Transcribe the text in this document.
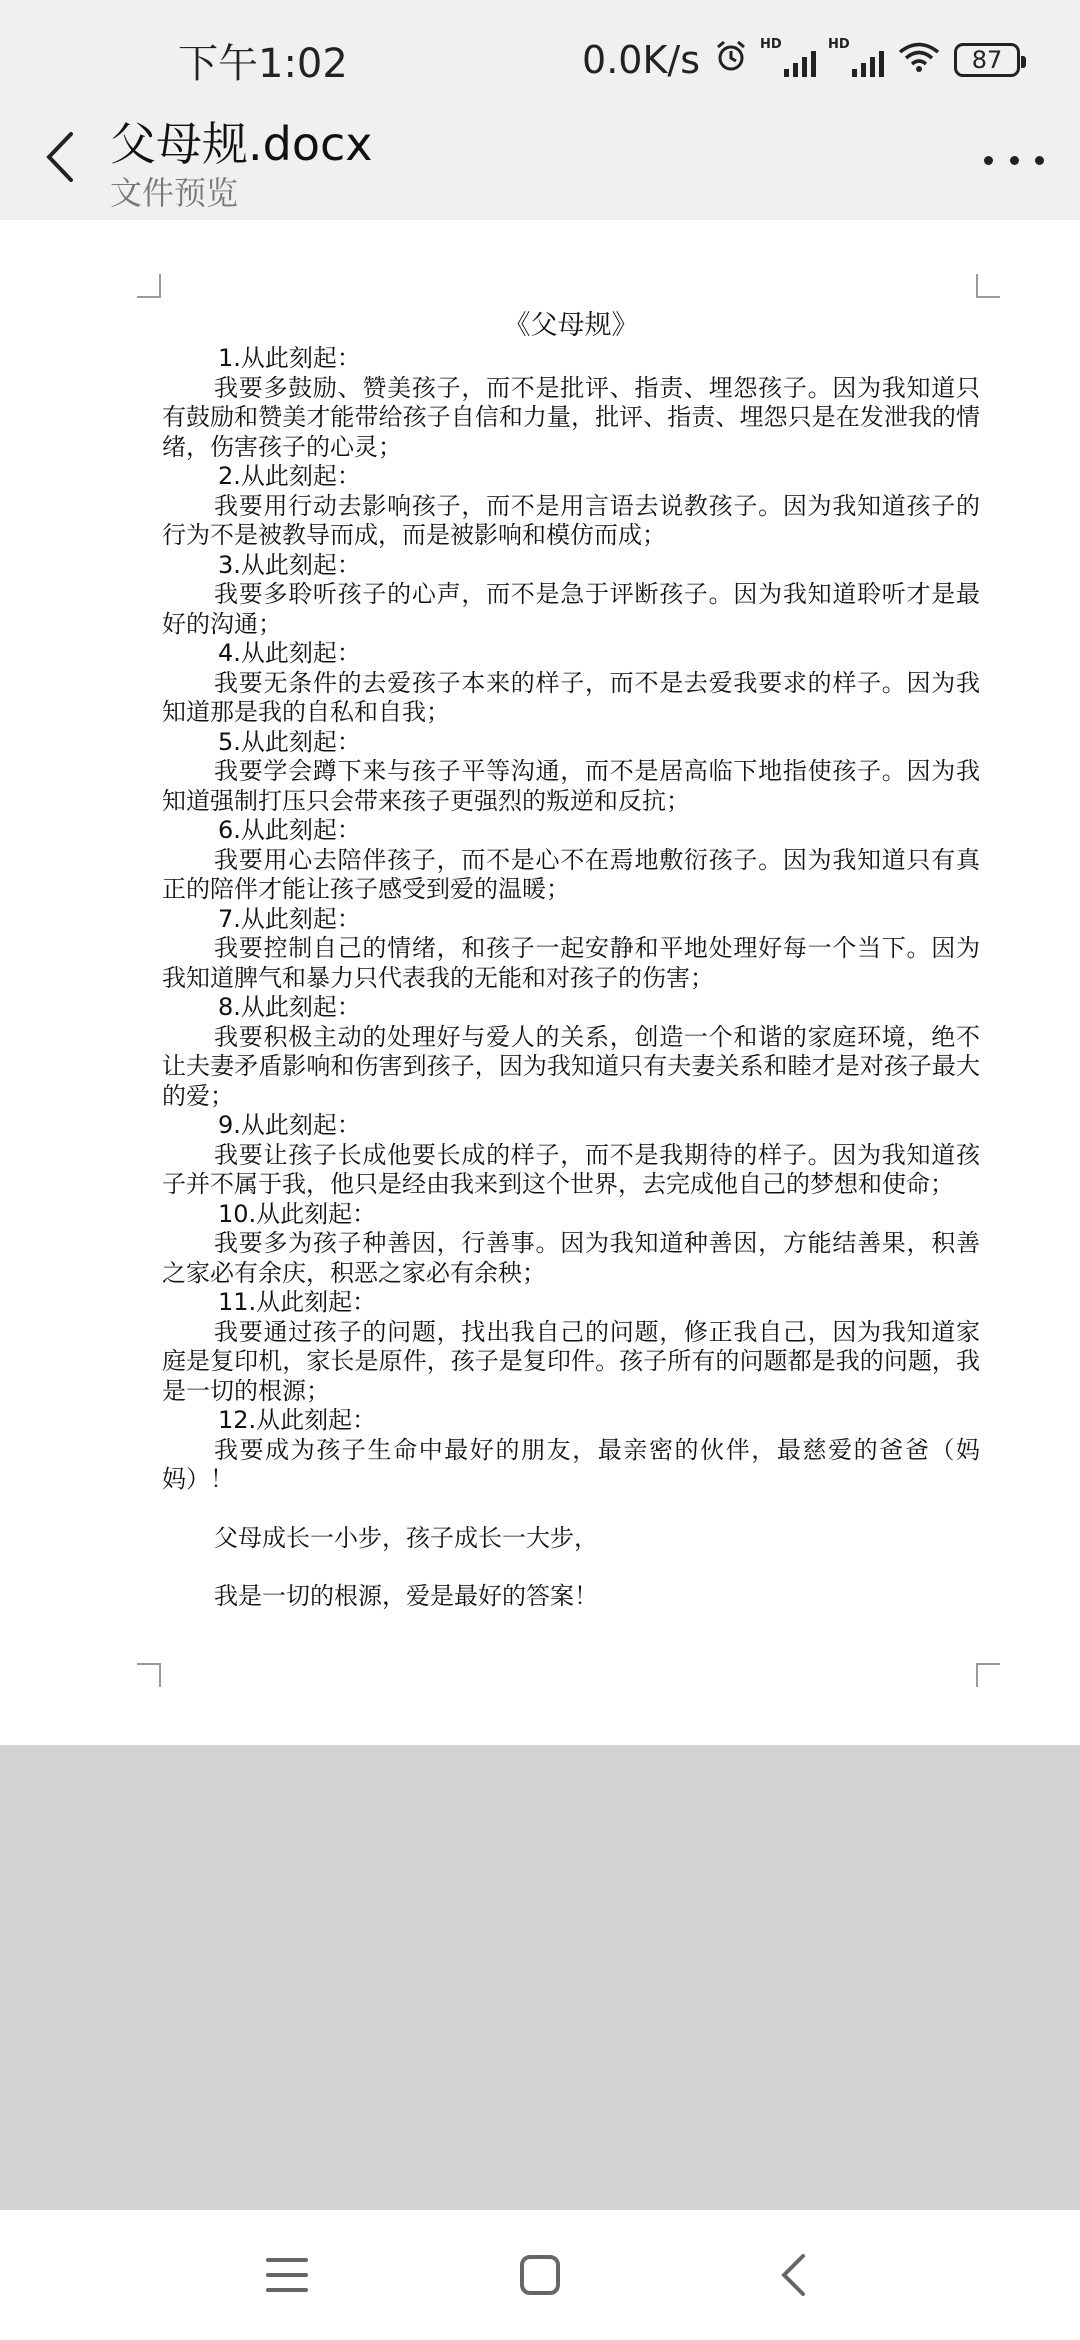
下午1:02	0.0K/s	HD	HD
87
父母规.docx
文件预览
《父母规》
1.从此刻起：
我要多鼓励、赞美孩子，而不是批评、指责、埋怨孩子。因为我知道只有鼓励和赞美才能带给孩子自信和力量，批评、指责、埋怨只是在发泄我的情绪，伤害孩子的心灵；
2.从此刻起：
我要用行动去影响孩子，而不是用言语去说教孩子。因为我知道孩子的行为不是被教导而成，而是被影响和模仿而成；
3.从此刻起：
我要多聆听孩子的心声，而不是急于评断孩子。因为我知道聆听才是最好的沟通；
4.从此刻起：
我要无条件的去爱孩子本来的样子，而不是去爱我要求的样子。因为我知道那是我的自私和自我；
5.从此刻起：
我要学会蹲下来与孩子平等沟通，而不是居高临下地指使孩子。因为我知道强制打压只会带来孩子更强烈的叛逆和反抗；
6.从此刻起：
我要用心去陪伴孩子，而不是心不在焉地敷衍孩子。因为我知道只有真正的陪伴才能让孩子感受到爱的温暖；
7.从此刻起：
我要控制自己的情绪，和孩子一起安静和平地处理好每一个当下。因为我知道脾气和暴力只代表我的无能和对孩子的伤害；
8.从此刻起：
我要积极主动的处理好与爱人的关系，创造一个和谐的家庭环境，绝不让夫妻矛盾影响和伤害到孩子，因为我知道只有夫妻关系和睦才是对孩子最大的爱；
9.从此刻起：
我要让孩子长成他要长成的样子，而不是我期待的样子。因为我知道孩子并不属于我，他只是经由我来到这个世界，去完成他自己的梦想和使命；
10.从此刻起：
我要多为孩子种善因，行善事。因为我知道种善因，方能结善果，积善之家必有余庆，积恶之家必有余秧；
11.从此刻起：
我要通过孩子的问题，找出我自己的问题，修正我自己，因为我知道家庭是复印机，家长是原件，孩子是复印件。孩子所有的问题都是我的问题，我是一切的根源；
12.从此刻起：
我要成为孩子生命中最好的朋友，最亲密的伙伴，最慈爱的爸爸（妈妈）！
父母成长一小步，孩子成长一大步，
我是一切的根源，爱是最好的答案！
